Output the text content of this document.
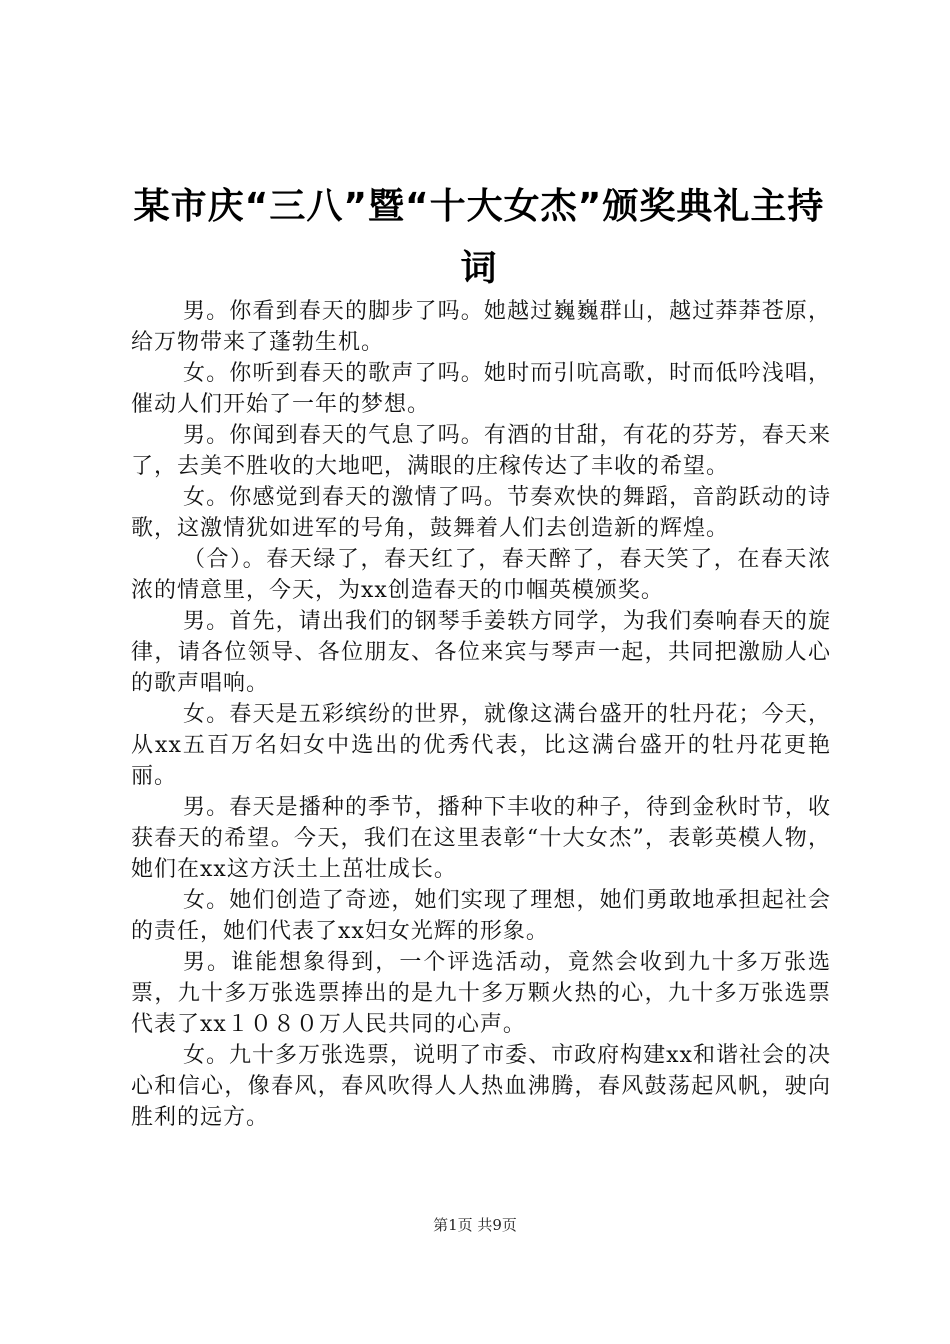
某市庆“三八”暨“十大女杰”颁奖典礼主持词

男。你看到春天的脚步了吗。她越过巍巍群山，越过莽莽苍原，给万物带来了蓬勃生机。

女。你听到春天的歌声了吗。她时而引吭高歌，时而低吟浅唱，催动人们开始了一年的梦想。

男。你闻到春天的气息了吗。有酒的甘甜，有花的芬芳，春天来了，去美不胜收的大地吧，满眼的庄稼传达了丰收的希望。

女。你感觉到春天的激情了吗。节奏欢快的舞蹈，音韵跃动的诗歌，这激情犹如进军的号角，鼓舞着人们去创造新的辉煌。

（合）。春天绿了，春天红了，春天醉了，春天笑了，在春天浓浓的情意里，今天，为xx创造春天的巾帼英模颁奖。

男。首先，请出我们的钢琴手姜轶方同学，为我们奏响春天的旋律，请各位领导、各位朋友、各位来宾与琴声一起，共同把激励人心的歌声唱响。

女。春天是五彩缤纷的世界，就像这满台盛开的牡丹花；今天，从xx五百万名妇女中选出的优秀代表，比这满台盛开的牡丹花更艳丽。

男。春天是播种的季节，播种下丰收的种子，待到金秋时节，收获春天的希望。今天，我们在这里表彰“十大女杰”，表彰英模人物，她们在xx这方沃土上茁壮成长。

女。她们创造了奇迹，她们实现了理想，她们勇敢地承担起社会的责任，她们代表了xx妇女光辉的形象。

男。谁能想象得到，一个评选活动，竟然会收到九十多万张选票，九十多万张选票捧出的是九十多万颗火热的心，九十多万张选票代表了xx１０８０万人民共同的心声。

女。九十多万张选票，说明了市委、市政府构建xx和谐社会的决心和信心，像春风，春风吹得人人热血沸腾，春风鼓荡起风帆，驶向胜利的远方。

第1页 共9页
